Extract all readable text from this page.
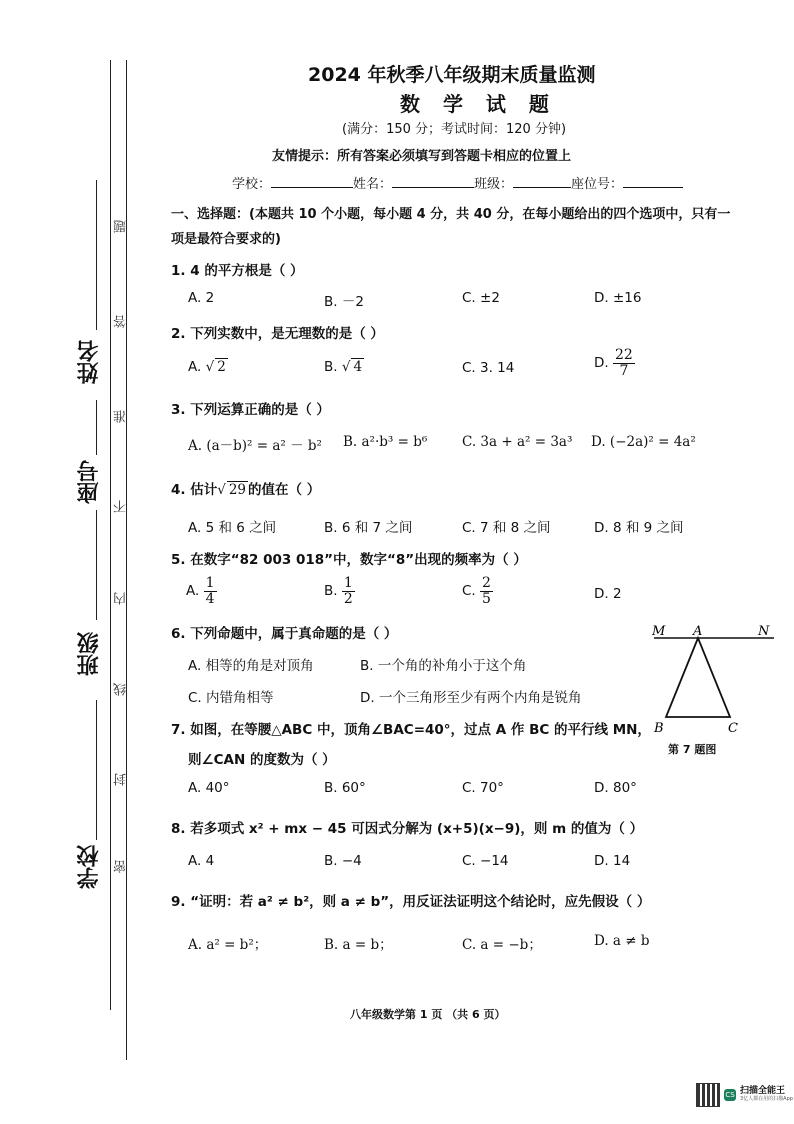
学校
班级
座号
姓名
题
答
准
不
内
线
封
密
2024 年秋季八年级期末质量监测
数 学 试 题
(满分：150 分；考试时间：120 分钟)
友情提示：所有答案必须填写到答题卡相应的位置上
学校：	姓名：	班级：	座位号：
一、选择题：(本题共 10 个小题，每小题 4 分，共 40 分，在每小题给出的四个选项中，只有一
项是最符合要求的)
1. 4 的平方根是（ ）
A. 2	B. －2	C. ±2	D. ±16
2. 下列实数中，是无理数的是（ ）
A. √ 2	B. √ 4	C. 3. 14	D. $\frac{22}{7}$
3. 下列运算正确的是（ ）
A. (a－b)² = a² － b² B. a²·b³ = b⁶	C. 3a + a² = 3a³ D. (−2a)² = 4a²
4. 估计√ 29 的值在（ ）
A. 5 和 6 之间	B. 6 和 7 之间	C. 7 和 8 之间	D. 8 和 9 之间
5. 在数字“82 003 018”中，数字“8”出现的频率为（ ）
A. $\frac{1}{4}$	B. $\frac{1}{2}$	C. $\frac{2}{5}$	D. 2
6. 下列命题中，属于真命题的是（ ）
A. 相等的角是对顶角	B. 一个角的补角小于这个角
C. 内错角相等	D. 一个三角形至少有两个内角是锐角
M A	N
B	C
第 7 题图
7. 如图，在等腰△ABC 中，顶角∠BAC=40°，过点 A 作 BC 的平行线 MN，
则∠CAN 的度数为（ ）
A. 40°	B. 60°	C. 70°	D. 80°
8. 若多项式 x² + mx − 45 可因式分解为 (x+5)(x−9)，则 m 的值为（ ）
A. 4	B. −4	C. −14	D. 14
9. “证明：若 a² ≠ b²，则 a ≠ b”，用反证法证明这个结论时，应先假设（ ）
A. a² = b²；	B. a = b；	C. a = −b；	D. a ≠ b
八年级数学第 1 页 （共 6 页）
CS 扫描全能王
3亿人都在用的扫描App
